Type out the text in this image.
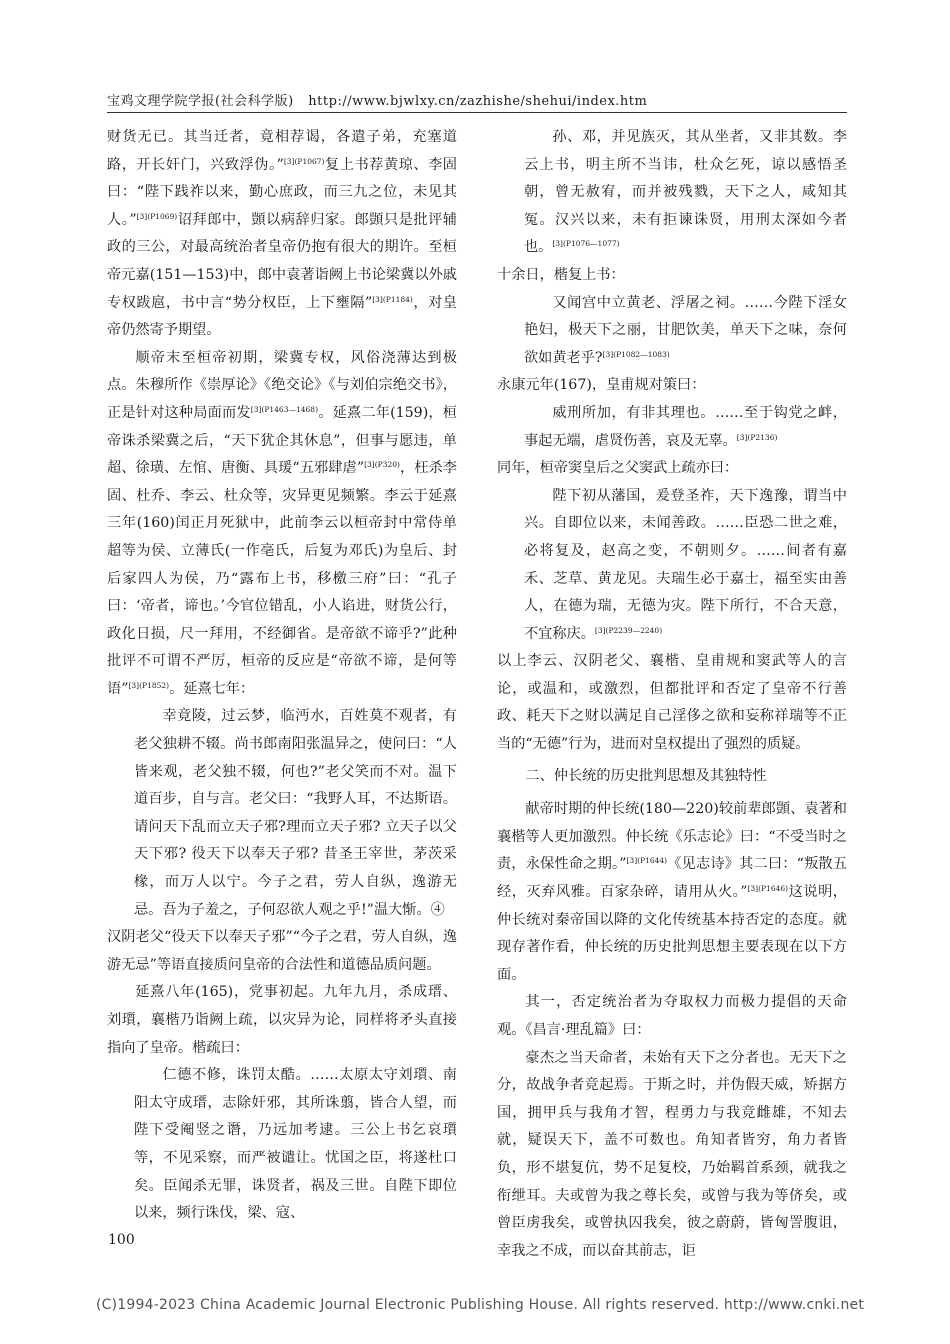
宝鸡文理学院学报(社会科学版) http://www.bjwlxy.cn/zazhishe/shehui/index.htm

财货无已。其当迁者，竟相荐谒，各遣子弟，充塞道路，开长奸门，兴致浮伪。”$^{[3](P1067)}$复上书荐黄琼、李固曰：“陛下践祚以来，勤心庶政，而三九之位，未见其人。”$^{[3](P1069)}$诏拜郎中，顗以病辞归家。郎顗只是批评辅政的三公，对最高统治者皇帝仍抱有很大的期许。至桓帝元嘉(151—153)中，郎中袁著诣阙上书论梁冀以外戚专权跋扈，书中言“势分权臣，上下壅隔”$^{[3](P1184)}$，对皇帝仍然寄予期望。

顺帝末至桓帝初期，梁冀专权，风俗浇薄达到极点。朱穆所作《崇厚论》《绝交论》《与刘伯宗绝交书》，正是针对这种局面而发$^{[3](P1463—1468)}$。延熹二年(159)，桓帝诛杀梁冀之后，“天下犹企其休息”，但事与愿违，单超、徐璜、左悺、唐衡、具瑗“五邪肆虐”$^{[3](P320)}$，枉杀李固、杜乔、李云、杜众等，灾异更见频繁。李云于延熹三年(160)闰正月死狱中，此前李云以桓帝封中常侍单超等为侯、立薄氏(一作亳氏，后复为邓氏)为皇后、封后家四人为侯，乃“露布上书，移檄三府”曰：“孔子曰：‘帝者，谛也。’今官位错乱，小人谄进，财货公行，政化日损，尺一拜用，不经御省。是帝欲不谛乎?”此种批评不可谓不严厉，桓帝的反应是“帝欲不谛，是何等语”$^{[3](P1852)}$。延熹七年：

幸竟陵，过云梦，临沔水，百姓莫不观者，有老父独耕不辍。尚书郎南阳张温异之，使问曰：“人皆来观，老父独不辍，何也?”老父笑而不对。温下道百步，自与言。老父曰：“我野人耳，不达斯语。请问天下乱而立天子邪?理而立天子邪? 立天子以父天下邪? 役天下以奉天子邪? 昔圣王宰世，茅茨采椽，而万人以宁。今子之君，劳人自纵，逸游无忌。吾为子羞之，子何忍欲人观之乎!”温大惭。④

汉阴老父“役天下以奉天子邪”“今子之君，劳人自纵，逸游无忌”等语直接质问皇帝的合法性和道德品质问题。

延熹八年(165)，党事初起。九年九月，杀成瑨、刘瓆，襄楷乃诣阙上疏，以灾异为论，同样将矛头直接指向了皇帝。楷疏曰：

仁德不修，诛罚太酷。……太原太守刘瓆、南阳太守成瑨，志除奸邪，其所诛翦，皆合人望，而陛下受阉竖之谮，乃远加考逮。三公上书乞哀瓆等，不见采察，而严被谴让。忧国之臣，将遂杜口矣。臣闻杀无罪，诛贤者，祸及三世。自陛下即位以来，频行诛伐，梁、寇、

孙、邓，并见族灭，其从坐者，又非其数。李云上书，明主所不当讳，杜众乞死，谅以感悟圣朝，曾无赦宥，而并被残戮，天下之人，咸知其冤。汉兴以来，未有拒谏诛贤，用刑太深如今者也。$^{[3](P1076—1077)}$

十余日，楷复上书：

又闻宫中立黄老、浮屠之祠。……今陛下淫女艳妇，极天下之丽，甘肥饮美，单天下之味，奈何欲如黄老乎?$^{[3](P1082—1083)}$

永康元年(167)，皇甫规对策曰：

威刑所加，有非其理也。……至于钩党之衅，事起无端，虐贤伤善，哀及无辜。$^{[3](P2136)}$

同年，桓帝窦皇后之父窦武上疏亦曰：

陛下初从藩国，爰登圣祚，天下逸豫，谓当中兴。自即位以来，未闻善政。……臣恐二世之难，必将复及，赵高之变，不朝则夕。……间者有嘉禾、芝草、黄龙见。夫瑞生必于嘉士，福至实由善人，在德为瑞，无德为灾。陛下所行，不合天意，不宜称庆。$^{[3](P2239—2240)}$

以上李云、汉阴老父、襄楷、皇甫规和窦武等人的言论，或温和，或激烈，但都批评和否定了皇帝不行善政、耗天下之财以满足自己淫侈之欲和妄称祥瑞等不正当的“无德”行为，进而对皇权提出了强烈的质疑。

二、仲长统的历史批判思想及其独特性

献帝时期的仲长统(180—220)较前辈郎顗、袁著和襄楷等人更加激烈。仲长统《乐志论》曰：“不受当时之责，永保性命之期。”$^{[3](P1644)}$《见志诗》其二曰：“叛散五经，灭弃风雅。百家杂碎，请用从火。”$^{[3](P1646)}$这说明，仲长统对秦帝国以降的文化传统基本持否定的态度。就现存著作看，仲长统的历史批判思想主要表现在以下方面。

其一，否定统治者为夺取权力而极力提倡的天命观。《昌言·理乱篇》曰：

豪杰之当天命者，未始有天下之分者也。无天下之分，故战争者竞起焉。于斯之时，并伪假天威，矫据方国，拥甲兵与我角才智，程勇力与我竞雌雄，不知去就，疑误天下，盖不可数也。角知者皆穷，角力者皆负，形不堪复伉，势不足复校，乃始羁首系颈，就我之衔绁耳。夫或曾为我之尊长矣，或曾与我为等侪矣，或曾臣虏我矣，或曾执囚我矣，彼之蔚蔚，皆匈詈腹诅，幸我之不成，而以奋其前志，讵

100
(C)1994-2023 China Academic Journal Electronic Publishing House. All rights reserved. http://www.cnki.net
